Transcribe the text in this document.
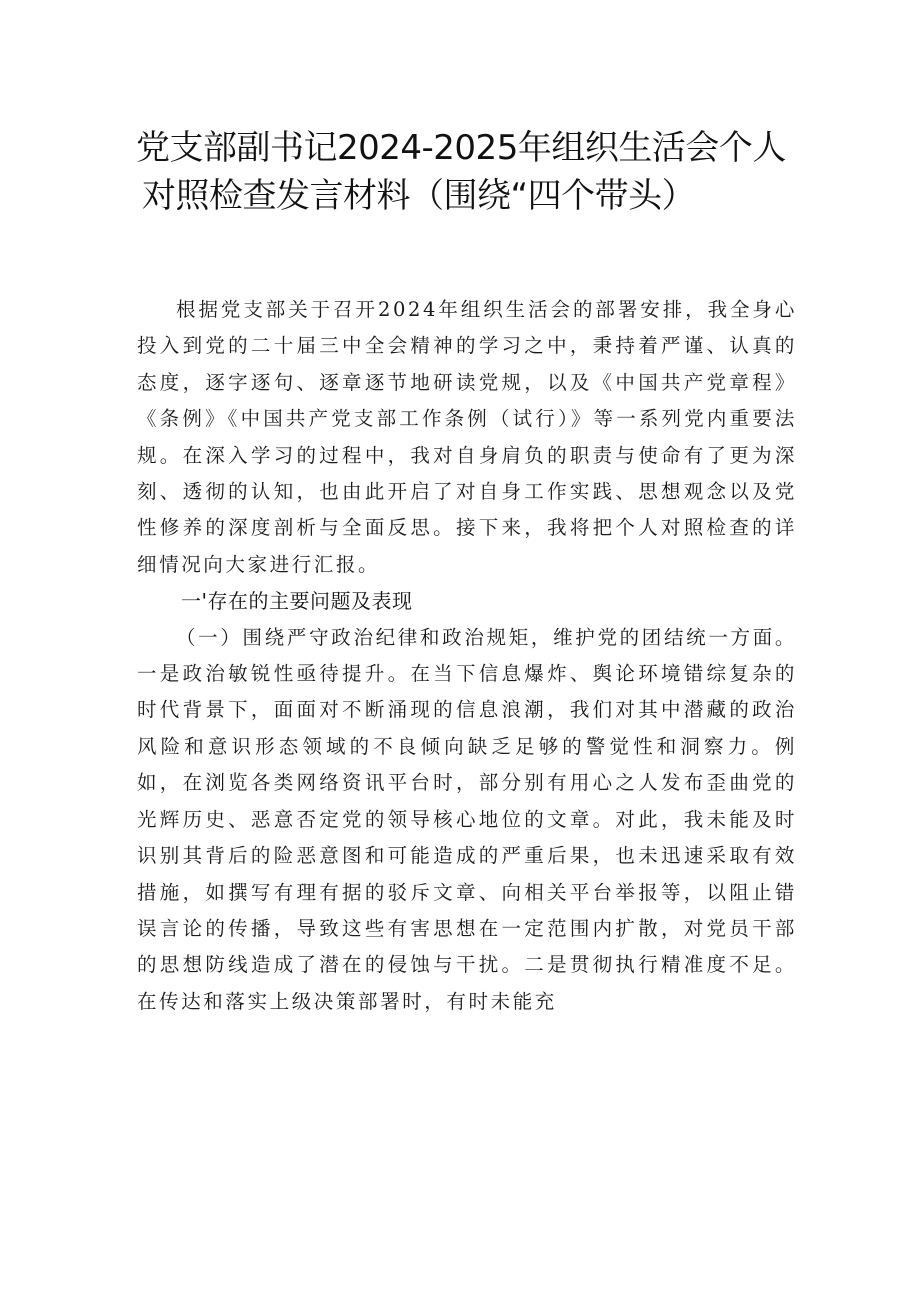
党支部副书记2024-2025年组织生活会个人
对照检查发言材料（围绕“四个带头）

根据党支部关于召开2024年组织生活会的部署安排，我全身心投入到党的二十届三中全会精神的学习之中，秉持着严谨、认真的态度，逐字逐句、逐章逐节地研读党规，以及《中国共产党章程》《条例》《中国共产党支部工作条例（试行）》等一系列党内重要法规。在深入学习的过程中，我对自身肩负的职责与使命有了更为深刻、透彻的认知，也由此开启了对自身工作实践、思想观念以及党性修养的深度剖析与全面反思。接下来，我将把个人对照检查的详细情况向大家进行汇报。

一'存在的主要问题及表现

（一）围绕严守政治纪律和政治规矩，维护党的团结统一方面。一是政治敏锐性亟待提升。在当下信息爆炸、舆论环境错综复杂的时代背景下，面面对不断涌现的信息浪潮，我们对其中潜藏的政治风险和意识形态领域的不良倾向缺乏足够的警觉性和洞察力。例如，在浏览各类网络资讯平台时，部分别有用心之人发布歪曲党的光辉历史、恶意否定党的领导核心地位的文章。对此，我未能及时识别其背后的险恶意图和可能造成的严重后果，也未迅速采取有效措施，如撰写有理有据的驳斥文章、向相关平台举报等，以阻止错误言论的传播，导致这些有害思想在一定范围内扩散，对党员干部的思想防线造成了潜在的侵蚀与干扰。二是贯彻执行精准度不足。在传达和落实上级决策部署时，有时未能充
